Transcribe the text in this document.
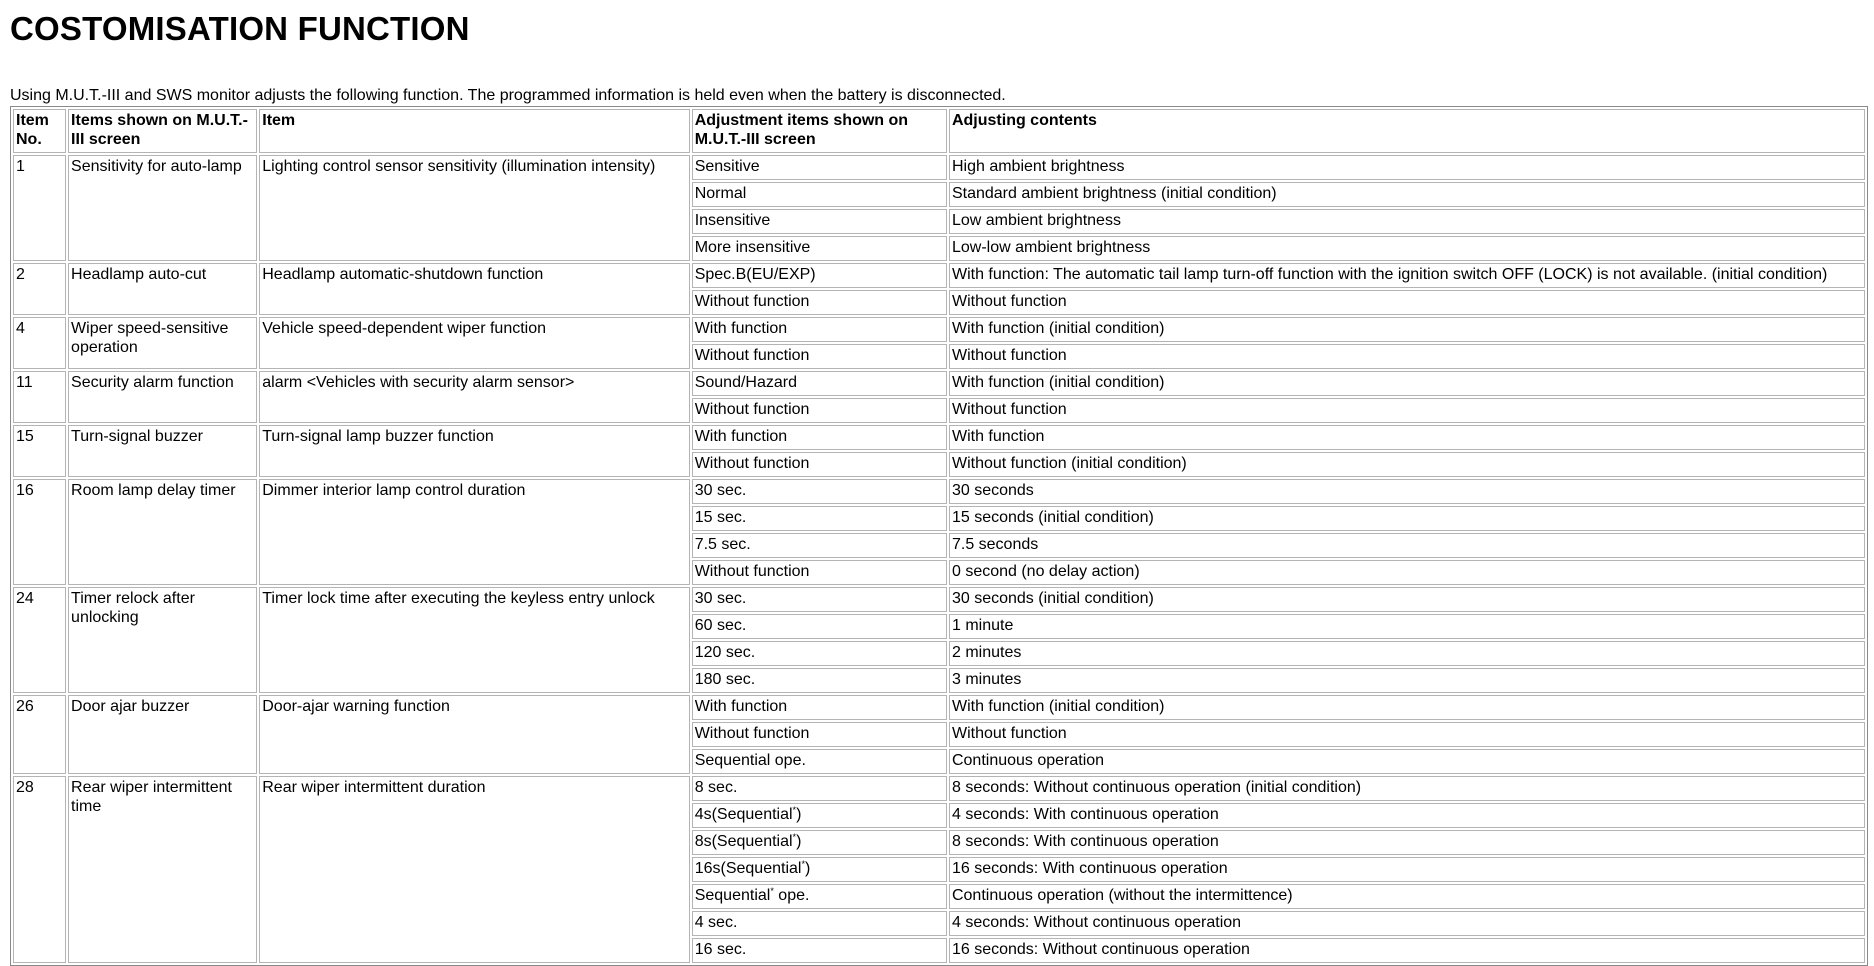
COSTOMISATION FUNCTION

Using M.U.T.-III and SWS monitor adjusts the following function. The programmed information is held even when the battery is disconnected.

Item No.	Items shown on M.U.T.-III screen	Item	Adjustment items shown on M.U.T.-III screen	Adjusting contents
1	Sensitivity for auto-lamp	Lighting control sensor sensitivity (illumination intensity)	Sensitive	High ambient brightness
			Normal	Standard ambient brightness (initial condition)
			Insensitive	Low ambient brightness
			More insensitive	Low-low ambient brightness
2	Headlamp auto-cut	Headlamp automatic-shutdown function	Spec.B(EU/EXP)	With function: The automatic tail lamp turn-off function with the ignition switch OFF (LOCK) is not available. (initial condition)
			Without function	Without function
4	Wiper speed-sensitive operation	Vehicle speed-dependent wiper function	With function	With function (initial condition)
			Without function	Without function
11	Security alarm function	alarm <Vehicles with security alarm sensor>	Sound/Hazard	With function (initial condition)
			Without function	Without function
15	Turn-signal buzzer	Turn-signal lamp buzzer function	With function	With function
			Without function	Without function (initial condition)
16	Room lamp delay timer	Dimmer interior lamp control duration	30 sec.	30 seconds
			15 sec.	15 seconds (initial condition)
			7.5 sec.	7.5 seconds
			Without function	0 second (no delay action)
24	Timer relock after unlocking	Timer lock time after executing the keyless entry unlock	30 sec.	30 seconds (initial condition)
			60 sec.	1 minute
			120 sec.	2 minutes
			180 sec.	3 minutes
26	Door ajar buzzer	Door-ajar warning function	With function	With function (initial condition)
			Without function	Without function
			Sequential ope.	Continuous operation
28	Rear wiper intermittent time	Rear wiper intermittent duration	8 sec.	8 seconds: Without continuous operation (initial condition)
			4s(Sequential*)	4 seconds: With continuous operation
			8s(Sequential*)	8 seconds: With continuous operation
			16s(Sequential*)	16 seconds: With continuous operation
			Sequential* ope.	Continuous operation (without the intermittence)
			4 sec.	4 seconds: Without continuous operation
			16 sec.	16 seconds: Without continuous operation
